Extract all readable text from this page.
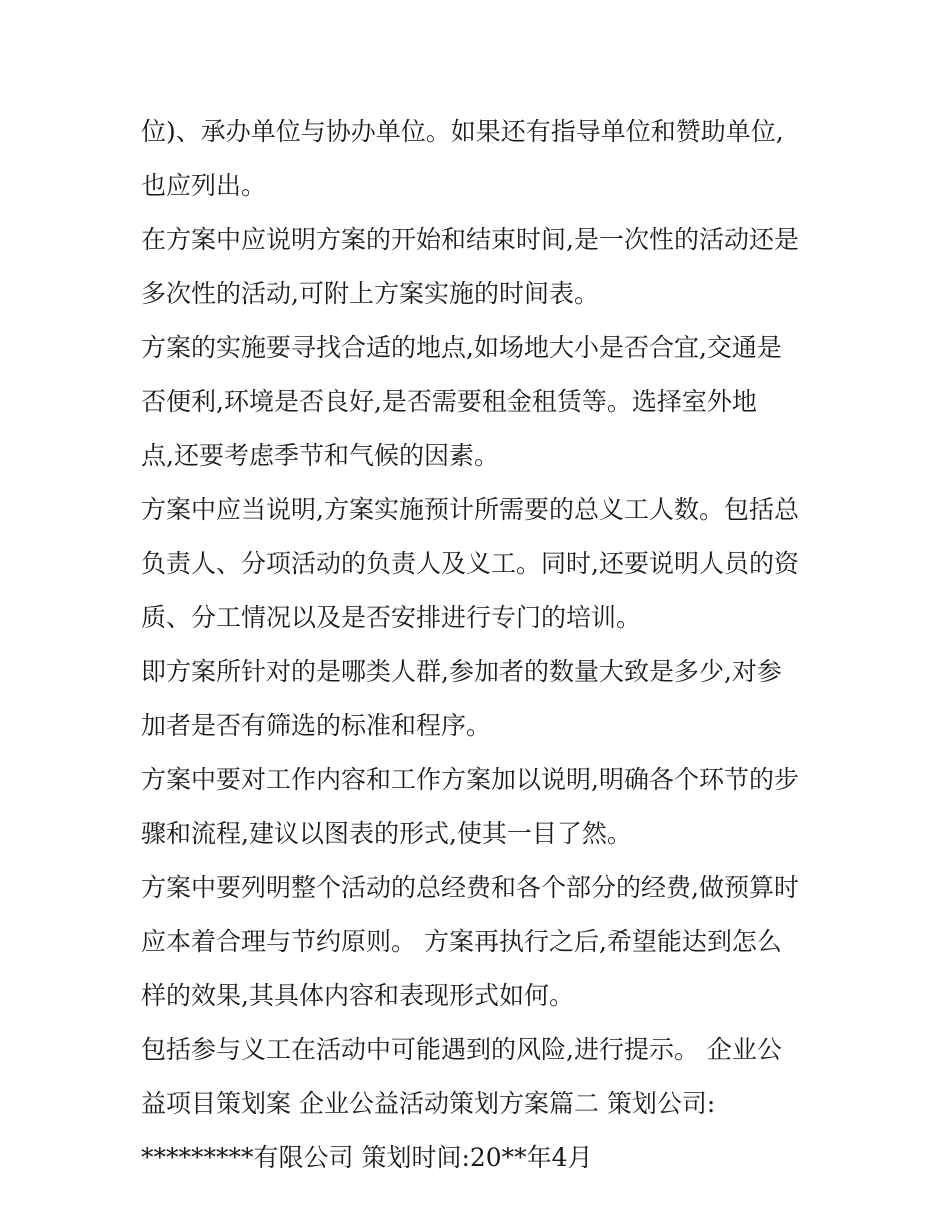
位)、承办单位与协办单位。如果还有指导单位和赞助单位,
也应列出。
在方案中应说明方案的开始和结束时间,是一次性的活动还是
多次性的活动,可附上方案实施的时间表。
方案的实施要寻找合适的地点,如场地大小是否合宜,交通是
否便利,环境是否良好,是否需要租金租赁等。选择室外地
点,还要考虑季节和气候的因素。
方案中应当说明,方案实施预计所需要的总义工人数。包括总
负责人、分项活动的负责人及义工。同时,还要说明人员的资
质、分工情况以及是否安排进行专门的培训。
即方案所针对的是哪类人群,参加者的数量大致是多少,对参
加者是否有筛选的标准和程序。
方案中要对工作内容和工作方案加以说明,明确各个环节的步
骤和流程,建议以图表的形式,使其一目了然。
方案中要列明整个活动的总经费和各个部分的经费,做预算时
应本着合理与节约原则。 方案再执行之后,希望能达到怎么
样的效果,其具体内容和表现形式如何。
包括参与义工在活动中可能遇到的风险,进行提示。 企业公
益项目策划案 企业公益活动策划方案篇二 策划公司:
*********有限公司 策划时间:20**年4月
